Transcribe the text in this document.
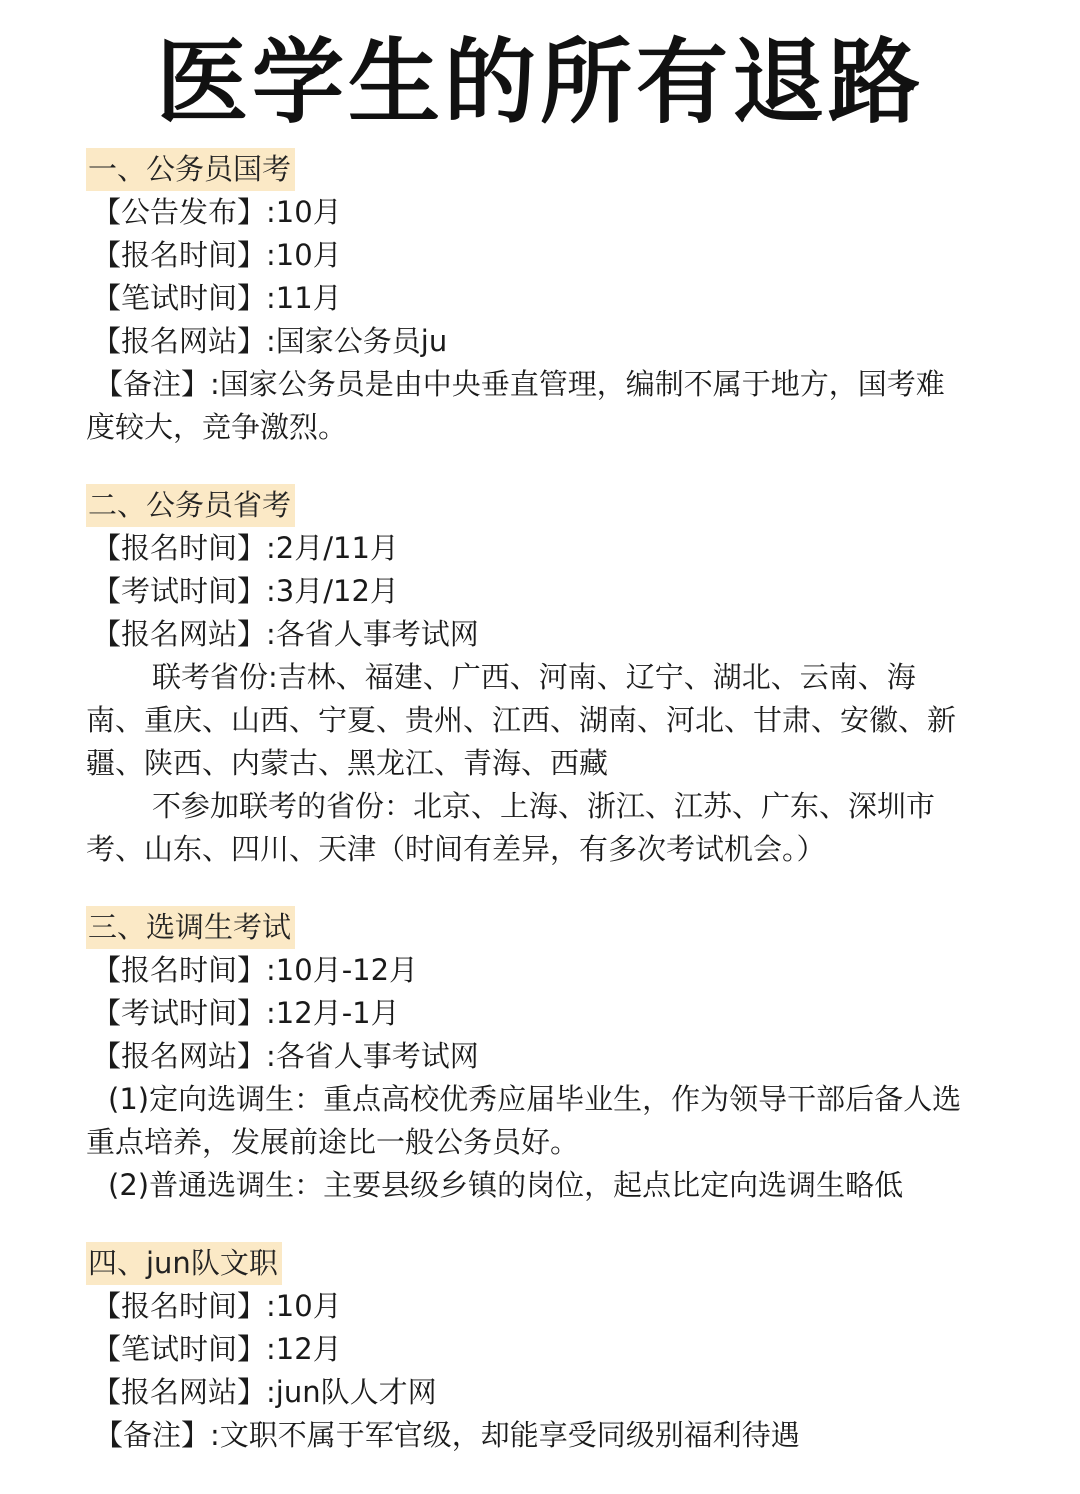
医学生的所有退路
一、公务员国考
【公告发布】:10月
【报名时间】:10月
【笔试时间】:11月
【报名网站】:国家公务员ju
【备注】:国家公务员是由中央垂直管理，编制不属于地方，国考难度较大，竞争激烈。
二、公务员省考
【报名时间】:2月/11月
【考试时间】:3月/12月
【报名网站】:各省人事考试网
联考省份:吉林、福建、广西、河南、辽宁、湖北、云南、海南、重庆、山西、宁夏、贵州、江西、湖南、河北、甘肃、安徽、新疆、陕西、内蒙古、黑龙江、青海、西藏
不参加联考的省份：北京、上海、浙江、江苏、广东、深圳市考、山东、四川、天津（时间有差异，有多次考试机会。）
三、选调生考试
【报名时间】:10月-12月
【考试时间】:12月-1月
【报名网站】:各省人事考试网
(1)定向选调生：重点高校优秀应届毕业生，作为领导干部后备人选重点培养，发展前途比一般公务员好。
(2)普通选调生：主要县级乡镇的岗位，起点比定向选调生略低
四、jun队文职
【报名时间】:10月
【笔试时间】:12月
【报名网站】:jun队人才网
【备注】:文职不属于军官级，却能享受同级别福利待遇
